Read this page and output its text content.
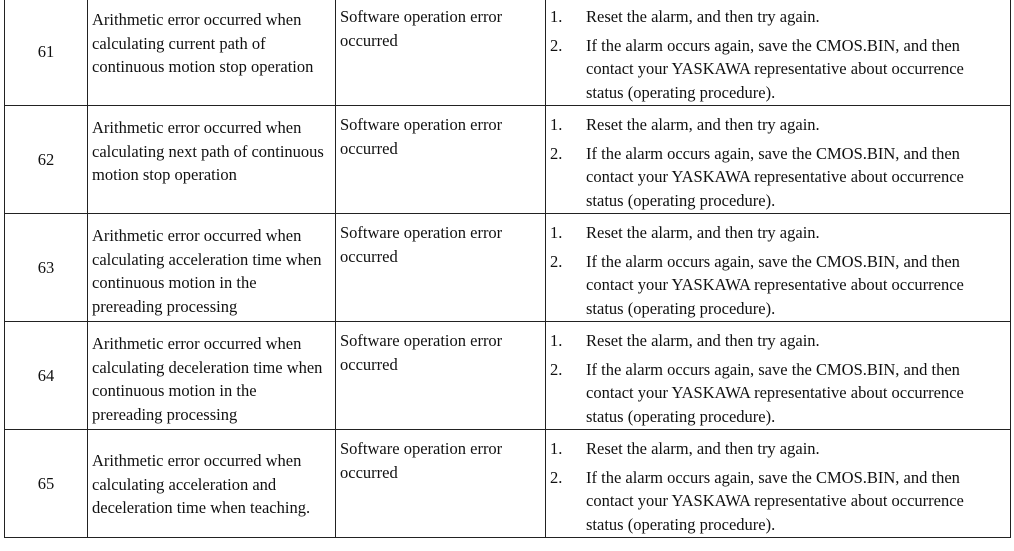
61	Arithmetic error occurred when calculating current path of continuous motion stop operation	Software operation error occurred	1. Reset the alarm, and then try again.
2. If the alarm occurs again, save the CMOS.BIN, and then contact your YASKAWA representative about occurrence status (operating procedure).

62	Arithmetic error occurred when calculating next path of continuous motion stop operation	Software operation error occurred	1. Reset the alarm, and then try again.
2. If the alarm occurs again, save the CMOS.BIN, and then contact your YASKAWA representative about occurrence status (operating procedure).

63	Arithmetic error occurred when calculating acceleration time when continuous motion in the prereading processing	Software operation error occurred	1. Reset the alarm, and then try again.
2. If the alarm occurs again, save the CMOS.BIN, and then contact your YASKAWA representative about occurrence status (operating procedure).

64	Arithmetic error occurred when calculating deceleration time when continuous motion in the prereading processing	Software operation error occurred	1. Reset the alarm, and then try again.
2. If the alarm occurs again, save the CMOS.BIN, and then contact your YASKAWA representative about occurrence status (operating procedure).

65	Arithmetic error occurred when calculating acceleration and deceleration time when teaching.	Software operation error occurred	1. Reset the alarm, and then try again.
2. If the alarm occurs again, save the CMOS.BIN, and then contact your YASKAWA representative about occurrence status (operating procedure).
